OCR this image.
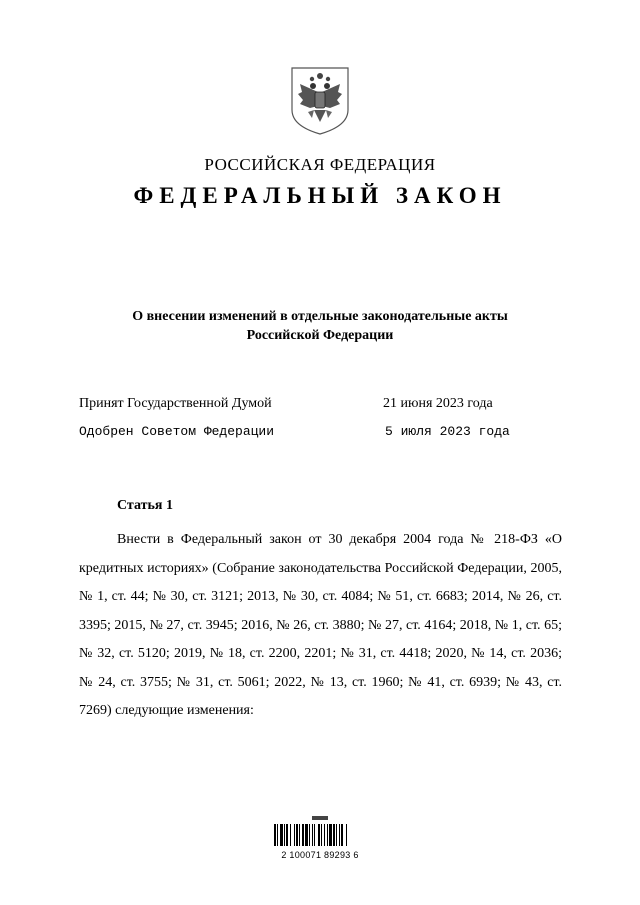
РОССИЙСКАЯ ФЕДЕРАЦИЯ
ФЕДЕРАЛЬНЫЙ ЗАКОН
О внесении изменений в отдельные законодательные акты
Российской Федерации
Принят Государственной Думой	21 июня 2023 года
Одобрен Советом Федерации	5 июля 2023 года
Статья 1

Внести в Федеральный закон от 30 декабря 2004 года № 218-ФЗ «О кредитных историях» (Собрание законодательства Российской Федерации, 2005, № 1, ст. 44; № 30, ст. 3121; 2013, № 30, ст. 4084; № 51, ст. 6683; 2014, № 26, ст. 3395; 2015, № 27, ст. 3945; 2016, № 26, ст. 3880; № 27, ст. 4164; 2018, № 1, ст. 65; № 32, ст. 5120; 2019, № 18, ст. 2200, 2201; № 31, ст. 4418; 2020, № 14, ст. 2036; № 24, ст. 3755; № 31, ст. 5061; 2022, № 13, ст. 1960; № 41, ст. 6939; № 43, ст. 7269) следующие изменения:

2 100071 89293 6
